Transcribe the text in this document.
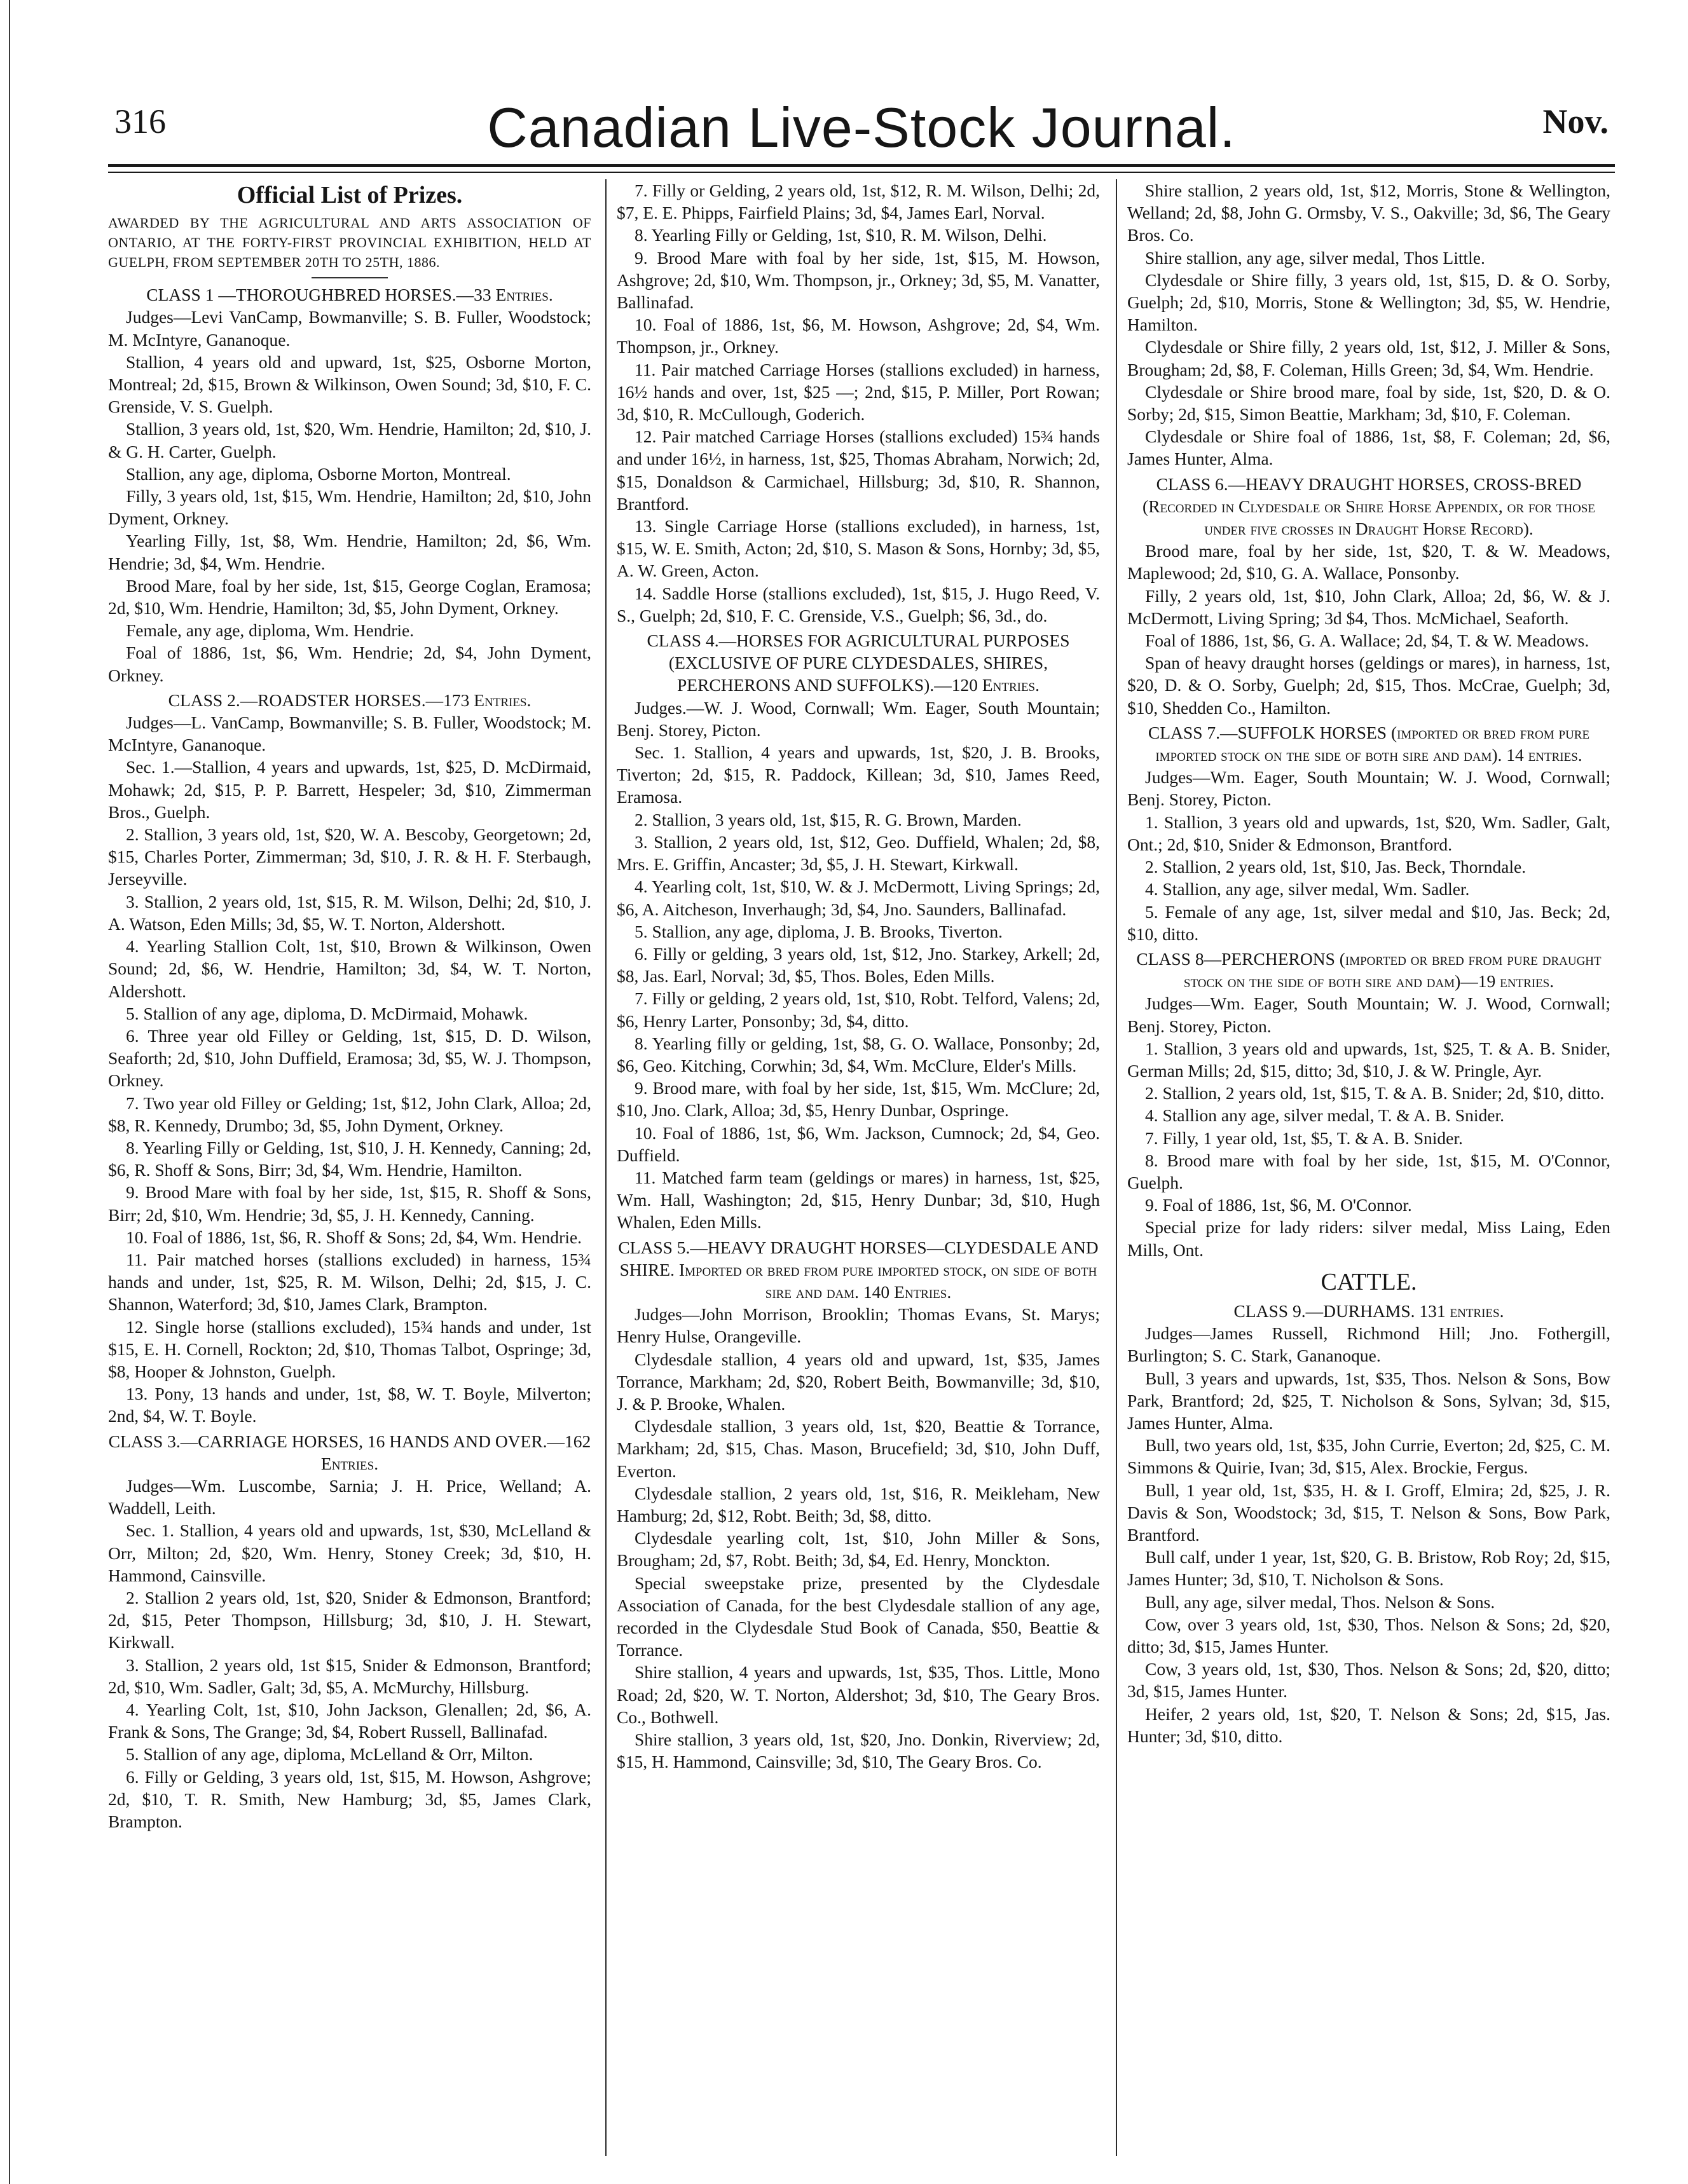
316	Canadian Live-Stock Journal.	Nov.
Official List of Prizes.
AWARDED BY THE AGRICULTURAL AND ARTS ASSOCIATION OF ONTARIO, AT THE FORTY-FIRST PROVINCIAL EXHIBITION, HELD AT GUELPH, FROM SEPTEMBER 20TH TO 25TH, 1886.

CLASS 1 —THOROUGHBRED HORSES.—33 Entries.

Judges—Levi VanCamp, Bowmanville; S. B. Fuller, Woodstock; M. McIntyre, Gananoque.

Stallion, 4 years old and upward, 1st, $25, Osborne Morton, Montreal; 2d, $15, Brown & Wilkinson, Owen Sound; 3d, $10, F. C. Grenside, V. S. Guelph.

Stallion, 3 years old, 1st, $20, Wm. Hendrie, Hamilton; 2d, $10, J. & G. H. Carter, Guelph.

Stallion, any age, diploma, Osborne Morton, Montreal.

Filly, 3 years old, 1st, $15, Wm. Hendrie, Hamilton; 2d, $10, John Dyment, Orkney.

Yearling Filly, 1st, $8, Wm. Hendrie, Hamilton; 2d, $6, Wm. Hendrie; 3d, $4, Wm. Hendrie.

Brood Mare, foal by her side, 1st, $15, George Coglan, Eramosa; 2d, $10, Wm. Hendrie, Hamilton; 3d, $5, John Dyment, Orkney.

Female, any age, diploma, Wm. Hendrie.

Foal of 1886, 1st, $6, Wm. Hendrie; 2d, $4, John Dyment, Orkney.

CLASS 2.—ROADSTER HORSES.—173 Entries.

Judges—L. VanCamp, Bowmanville; S. B. Fuller, Woodstock; M. McIntyre, Gananoque.

Sec. 1.—Stallion, 4 years and upwards, 1st, $25, D. McDirmaid, Mohawk; 2d, $15, P. P. Barrett, Hespeler; 3d, $10, Zimmerman Bros., Guelph.

2. Stallion, 3 years old, 1st, $20, W. A. Bescoby, Georgetown; 2d, $15, Charles Porter, Zimmerman; 3d, $10, J. R. & H. F. Sterbaugh, Jerseyville.

3. Stallion, 2 years old, 1st, $15, R. M. Wilson, Delhi; 2d, $10, J. A. Watson, Eden Mills; 3d, $5, W. T. Norton, Aldershott.

4. Yearling Stallion Colt, 1st, $10, Brown & Wilkinson, Owen Sound; 2d, $6, W. Hendrie, Hamilton; 3d, $4, W. T. Norton, Aldershott.

5. Stallion of any age, diploma, D. McDirmaid, Mohawk.

6. Three year old Filley or Gelding, 1st, $15, D. D. Wilson, Seaforth; 2d, $10, John Duffield, Eramosa; 3d, $5, W. J. Thompson, Orkney.

7. Two year old Filley or Gelding; 1st, $12, John Clark, Alloa; 2d, $8, R. Kennedy, Drumbo; 3d, $5, John Dyment, Orkney.

8. Yearling Filly or Gelding, 1st, $10, J. H. Kennedy, Canning; 2d, $6, R. Shoff & Sons, Birr; 3d, $4, Wm. Hendrie, Hamilton.

9. Brood Mare with foal by her side, 1st, $15, R. Shoff & Sons, Birr; 2d, $10, Wm. Hendrie; 3d, $5, J. H. Kennedy, Canning.

10. Foal of 1886, 1st, $6, R. Shoff & Sons; 2d, $4, Wm. Hendrie.

11. Pair matched horses (stallions excluded) in harness, 15¾ hands and under, 1st, $25, R. M. Wilson, Delhi; 2d, $15, J. C. Shannon, Waterford; 3d, $10, James Clark, Brampton.

12. Single horse (stallions excluded), 15¾ hands and under, 1st $15, E. H. Cornell, Rockton; 2d, $10, Thomas Talbot, Ospringe; 3d, $8, Hooper & Johnston, Guelph.

13. Pony, 13 hands and under, 1st, $8, W. T. Boyle, Milverton; 2nd, $4, W. T. Boyle.

CLASS 3.—CARRIAGE HORSES, 16 HANDS AND OVER.—162 Entries.

Judges—Wm. Luscombe, Sarnia; J. H. Price, Welland; A. Waddell, Leith.

Sec. 1. Stallion, 4 years old and upwards, 1st, $30, McLelland & Orr, Milton; 2d, $20, Wm. Henry, Stoney Creek; 3d, $10, H. Hammond, Cainsville.

2. Stallion 2 years old, 1st, $20, Snider & Edmonson, Brantford; 2d, $15, Peter Thompson, Hillsburg; 3d, $10, J. H. Stewart, Kirkwall.

3. Stallion, 2 years old, 1st $15, Snider & Edmonson, Brantford; 2d, $10, Wm. Sadler, Galt; 3d, $5, A. McMurchy, Hillsburg.

4. Yearling Colt, 1st, $10, John Jackson, Glenallen; 2d, $6, A. Frank & Sons, The Grange; 3d, $4, Robert Russell, Ballinafad.

5. Stallion of any age, diploma, McLelland & Orr, Milton.

6. Filly or Gelding, 3 years old, 1st, $15, M. Howson, Ashgrove; 2d, $10, T. R. Smith, New Hamburg; 3d, $5, James Clark, Brampton.

7. Filly or Gelding, 2 years old, 1st, $12, R. M. Wilson, Delhi; 2d, $7, E. E. Phipps, Fairfield Plains; 3d, $4, James Earl, Norval.

8. Yearling Filly or Gelding, 1st, $10, R. M. Wilson, Delhi.

9. Brood Mare with foal by her side, 1st, $15, M. Howson, Ashgrove; 2d, $10, Wm. Thompson, jr., Orkney; 3d, $5, M. Vanatter, Ballinafad.

10. Foal of 1886, 1st, $6, M. Howson, Ashgrove; 2d, $4, Wm. Thompson, jr., Orkney.

11. Pair matched Carriage Horses (stallions excluded) in harness, 16½ hands and over, 1st, $25 —; 2nd, $15, P. Miller, Port Rowan; 3d, $10, R. McCullough, Goderich.

12. Pair matched Carriage Horses (stallions excluded) 15¾ hands and under 16½, in harness, 1st, $25, Thomas Abraham, Norwich; 2d, $15, Donaldson & Carmichael, Hillsburg; 3d, $10, R. Shannon, Brantford.

13. Single Carriage Horse (stallions excluded), in harness, 1st, $15, W. E. Smith, Acton; 2d, $10, S. Mason & Sons, Hornby; 3d, $5, A. W. Green, Acton.

14. Saddle Horse (stallions excluded), 1st, $15, J. Hugo Reed, V. S., Guelph; 2d, $10, F. C. Grenside, V.S., Guelph; $6, 3d., do.

CLASS 4.—HORSES FOR AGRICULTURAL PURPOSES (EXCLUSIVE OF PURE CLYDESDALES, SHIRES, PERCHERONS AND SUFFOLKS).—120 Entries.

Judges.—W. J. Wood, Cornwall; Wm. Eager, South Mountain; Benj. Storey, Picton.

Sec. 1. Stallion, 4 years and upwards, 1st, $20, J. B. Brooks, Tiverton; 2d, $15, R. Paddock, Killean; 3d, $10, James Reed, Eramosa.

2. Stallion, 3 years old, 1st, $15, R. G. Brown, Marden.

3. Stallion, 2 years old, 1st, $12, Geo. Duffield, Whalen; 2d, $8, Mrs. E. Griffin, Ancaster; 3d, $5, J. H. Stewart, Kirkwall.

4. Yearling colt, 1st, $10, W. & J. McDermott, Living Springs; 2d, $6, A. Aitcheson, Inverhaugh; 3d, $4, Jno. Saunders, Ballinafad.

5. Stallion, any age, diploma, J. B. Brooks, Tiverton.

6. Filly or gelding, 3 years old, 1st, $12, Jno. Starkey, Arkell; 2d, $8, Jas. Earl, Norval; 3d, $5, Thos. Boles, Eden Mills.

7. Filly or gelding, 2 years old, 1st, $10, Robt. Telford, Valens; 2d, $6, Henry Larter, Ponsonby; 3d, $4, ditto.

8. Yearling filly or gelding, 1st, $8, G. O. Wallace, Ponsonby; 2d, $6, Geo. Kitching, Corwhin; 3d, $4, Wm. McClure, Elder's Mills.

9. Brood mare, with foal by her side, 1st, $15, Wm. McClure; 2d, $10, Jno. Clark, Alloa; 3d, $5, Henry Dunbar, Ospringe.

10. Foal of 1886, 1st, $6, Wm. Jackson, Cumnock; 2d, $4, Geo. Duffield.

11. Matched farm team (geldings or mares) in harness, 1st, $25, Wm. Hall, Washington; 2d, $15, Henry Dunbar; 3d, $10, Hugh Whalen, Eden Mills.

CLASS 5.—HEAVY DRAUGHT HORSES—CLYDESDALE AND SHIRE. Imported or bred from pure imported stock, on side of both sire and dam. 140 Entries.

Judges—John Morrison, Brooklin; Thomas Evans, St. Marys; Henry Hulse, Orangeville.

Clydesdale stallion, 4 years old and upward, 1st, $35, James Torrance, Markham; 2d, $20, Robert Beith, Bowmanville; 3d, $10, J. & P. Brooke, Whalen.

Clydesdale stallion, 3 years old, 1st, $20, Beattie & Torrance, Markham; 2d, $15, Chas. Mason, Brucefield; 3d, $10, John Duff, Everton.

Clydesdale stallion, 2 years old, 1st, $16, R. Meikleham, New Hamburg; 2d, $12, Robt. Beith; 3d, $8, ditto.

Clydesdale yearling colt, 1st, $10, John Miller & Sons, Brougham; 2d, $7, Robt. Beith; 3d, $4, Ed. Henry, Monckton.

Special sweepstake prize, presented by the Clydesdale Association of Canada, for the best Clydesdale stallion of any age, recorded in the Clydesdale Stud Book of Canada, $50, Beattie & Torrance.

Shire stallion, 4 years and upwards, 1st, $35, Thos. Little, Mono Road; 2d, $20, W. T. Norton, Aldershot; 3d, $10, The Geary Bros. Co., Bothwell.

Shire stallion, 3 years old, 1st, $20, Jno. Donkin, Riverview; 2d, $15, H. Hammond, Cainsville; 3d, $10, The Geary Bros. Co.

Shire stallion, 2 years old, 1st, $12, Morris, Stone & Wellington, Welland; 2d, $8, John G. Ormsby, V. S., Oakville; 3d, $6, The Geary Bros. Co.

Shire stallion, any age, silver medal, Thos Little.

Clydesdale or Shire filly, 3 years old, 1st, $15, D. & O. Sorby, Guelph; 2d, $10, Morris, Stone & Wellington; 3d, $5, W. Hendrie, Hamilton.

Clydesdale or Shire filly, 2 years old, 1st, $12, J. Miller & Sons, Brougham; 2d, $8, F. Coleman, Hills Green; 3d, $4, Wm. Hendrie.

Clydesdale or Shire brood mare, foal by side, 1st, $20, D. & O. Sorby; 2d, $15, Simon Beattie, Markham; 3d, $10, F. Coleman.

Clydesdale or Shire foal of 1886, 1st, $8, F. Coleman; 2d, $6, James Hunter, Alma.

CLASS 6.—HEAVY DRAUGHT HORSES, CROSS-BRED (Recorded in Clydesdale or Shire Horse Appendix, or for those under five crosses in Draught Horse Record).

Brood mare, foal by her side, 1st, $20, T. & W. Meadows, Maplewood; 2d, $10, G. A. Wallace, Ponsonby.

Filly, 2 years old, 1st, $10, John Clark, Alloa; 2d, $6, W. & J. McDermott, Living Spring; 3d $4, Thos. McMichael, Seaforth.

Foal of 1886, 1st, $6, G. A. Wallace; 2d, $4, T. & W. Meadows.

Span of heavy draught horses (geldings or mares), in harness, 1st, $20, D. & O. Sorby, Guelph; 2d, $15, Thos. McCrae, Guelph; 3d, $10, Shedden Co., Hamilton.

CLASS 7.—SUFFOLK HORSES (imported or bred from pure imported stock on the side of both sire and dam). 14 entries.

Judges—Wm. Eager, South Mountain; W. J. Wood, Cornwall; Benj. Storey, Picton.

1. Stallion, 3 years old and upwards, 1st, $20, Wm. Sadler, Galt, Ont.; 2d, $10, Snider & Edmonson, Brantford.

2. Stallion, 2 years old, 1st, $10, Jas. Beck, Thorndale.

4. Stallion, any age, silver medal, Wm. Sadler.

5. Female of any age, 1st, silver medal and $10, Jas. Beck; 2d, $10, ditto.

CLASS 8—PERCHERONS (imported or bred from pure draught stock on the side of both sire and dam)—19 entries.

Judges—Wm. Eager, South Mountain; W. J. Wood, Cornwall; Benj. Storey, Picton.

1. Stallion, 3 years old and upwards, 1st, $25, T. & A. B. Snider, German Mills; 2d, $15, ditto; 3d, $10, J. & W. Pringle, Ayr.

2. Stallion, 2 years old, 1st, $15, T. & A. B. Snider; 2d, $10, ditto.

4. Stallion any age, silver medal, T. & A. B. Snider.

7. Filly, 1 year old, 1st, $5, T. & A. B. Snider.

8. Brood mare with foal by her side, 1st, $15, M. O'Connor, Guelph.

9. Foal of 1886, 1st, $6, M. O'Connor.

Special prize for lady riders: silver medal, Miss Laing, Eden Mills, Ont.

CATTLE.

CLASS 9.—DURHAMS. 131 entries.

Judges—James Russell, Richmond Hill; Jno. Fothergill, Burlington; S. C. Stark, Gananoque.

Bull, 3 years and upwards, 1st, $35, Thos. Nelson & Sons, Bow Park, Brantford; 2d, $25, T. Nicholson & Sons, Sylvan; 3d, $15, James Hunter, Alma.

Bull, two years old, 1st, $35, John Currie, Everton; 2d, $25, C. M. Simmons & Quirie, Ivan; 3d, $15, Alex. Brockie, Fergus.

Bull, 1 year old, 1st, $35, H. & I. Groff, Elmira; 2d, $25, J. R. Davis & Son, Woodstock; 3d, $15, T. Nelson & Sons, Bow Park, Brantford.

Bull calf, under 1 year, 1st, $20, G. B. Bristow, Rob Roy; 2d, $15, James Hunter; 3d, $10, T. Nicholson & Sons.

Bull, any age, silver medal, Thos. Nelson & Sons.

Cow, over 3 years old, 1st, $30, Thos. Nelson & Sons; 2d, $20, ditto; 3d, $15, James Hunter.

Cow, 3 years old, 1st, $30, Thos. Nelson & Sons; 2d, $20, ditto; 3d, $15, James Hunter.

Heifer, 2 years old, 1st, $20, T. Nelson & Sons; 2d, $15, Jas. Hunter; 3d, $10, ditto.
